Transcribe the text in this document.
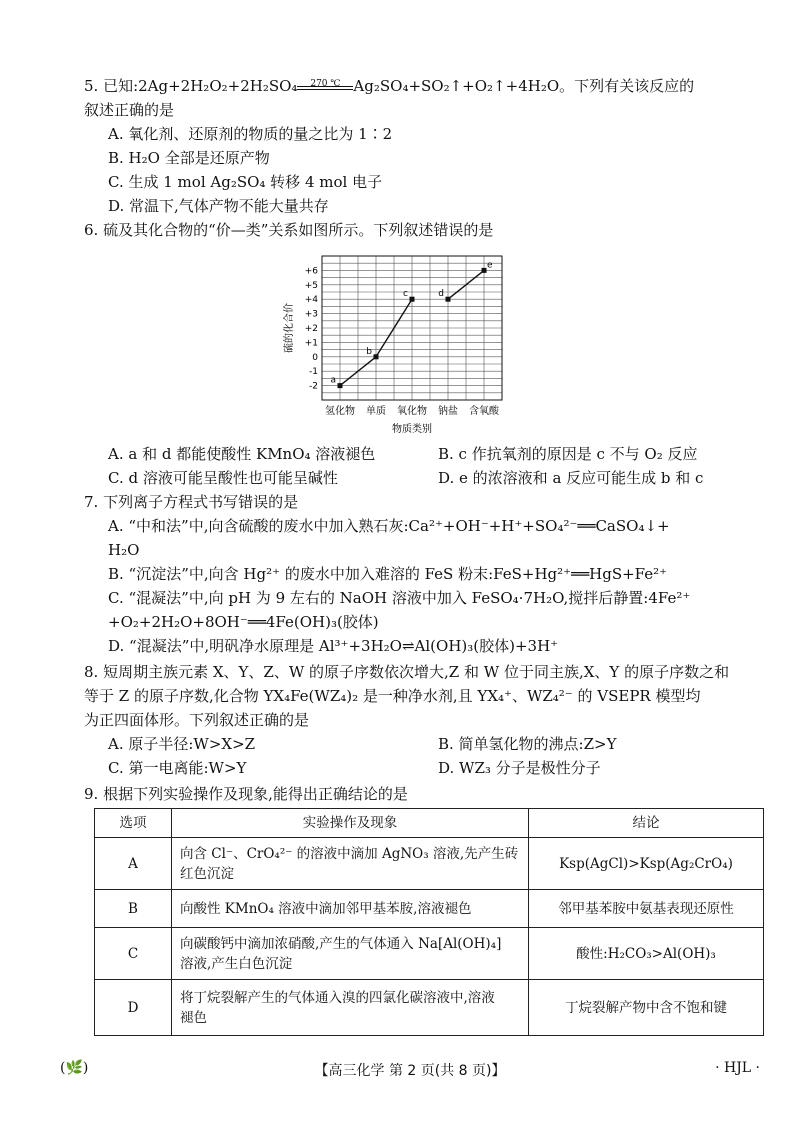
5. 已知:2Ag+2H₂O₂+2H₂SO₄	270 ℃ Ag₂SO₄+SO₂↑+O₂↑+4H₂O。下列有关该反应的
叙述正确的是
A. 氧化剂、还原剂的物质的量之比为 1∶2
B. H₂O 全部是还原产物
C. 生成 1 mol Ag₂SO₄ 转移 4 mol 电子
D. 常温下,气体产物不能大量共存
6. 硫及其化合物的“价—类”关系如图所示。下列叙述错误的是
-2
-1
0
+1
+2
+3
+4
+5
+6
硫的化合价
氢化物 单质 氧化物 钠盐 含氧酸
物质类别
a
b
c	d
e
A. a 和 d 都能使酸性 KMnO₄ 溶液褪色	B. c 作抗氧剂的原因是 c 不与 O₂ 反应
C. d 溶液可能呈酸性也可能呈碱性	D. e 的浓溶液和 a 反应可能生成 b 和 c
7. 下列离子方程式书写错误的是
A. “中和法”中,向含硫酸的废水中加入熟石灰:Ca²⁺+OH⁻+H⁺+SO₄²⁻══CaSO₄↓+
H₂O
B. “沉淀法”中,向含 Hg²⁺ 的废水中加入难溶的 FeS 粉末:FeS+Hg²⁺══HgS+Fe²⁺
C. “混凝法”中,向 pH 为 9 左右的 NaOH 溶液中加入 FeSO₄·7H₂O,搅拌后静置:4Fe²⁺
+O₂+2H₂O+8OH⁻══4Fe(OH)₃(胶体)
D. “混凝法”中,明矾净水原理是 Al³⁺+3H₂O⇌Al(OH)₃(胶体)+3H⁺
8. 短周期主族元素 X、Y、Z、W 的原子序数依次增大,Z 和 W 位于同主族,X、Y 的原子序数之和
等于 Z 的原子序数,化合物 YX₄Fe(WZ₄)₂ 是一种净水剂,且 YX₄⁺、WZ₄²⁻ 的 VSEPR 模型均
为正四面体形。下列叙述正确的是
A. 原子半径:W>X>Z	B. 简单氢化物的沸点:Z>Y
C. 第一电离能:W>Y	D. WZ₃ 分子是极性分子
9. 根据下列实验操作及现象,能得出正确结论的是
选项	实验操作及现象	结论
A	向含 Cl⁻、CrO₄²⁻ 的溶液中滴加 AgNO₃ 溶液,先产生砖
红色沉淀	Ksp(AgCl)>Ksp(Ag₂CrO₄)
B	向酸性 KMnO₄ 溶液中滴加邻甲基苯胺,溶液褪色	邻甲基苯胺中氨基表现还原性
C	向碳酸钙中滴加浓硝酸,产生的气体通入 Na[Al(OH)₄]
溶液,产生白色沉淀	酸性:H₂CO₃>Al(OH)₃
D	将丁烷裂解产生的气体通入溴的四氯化碳溶液中,溶液
褪色	丁烷裂解产物中含不饱和键
(🌿)	【高三化学 第 2 页(共 8 页)】	· HJL ·
